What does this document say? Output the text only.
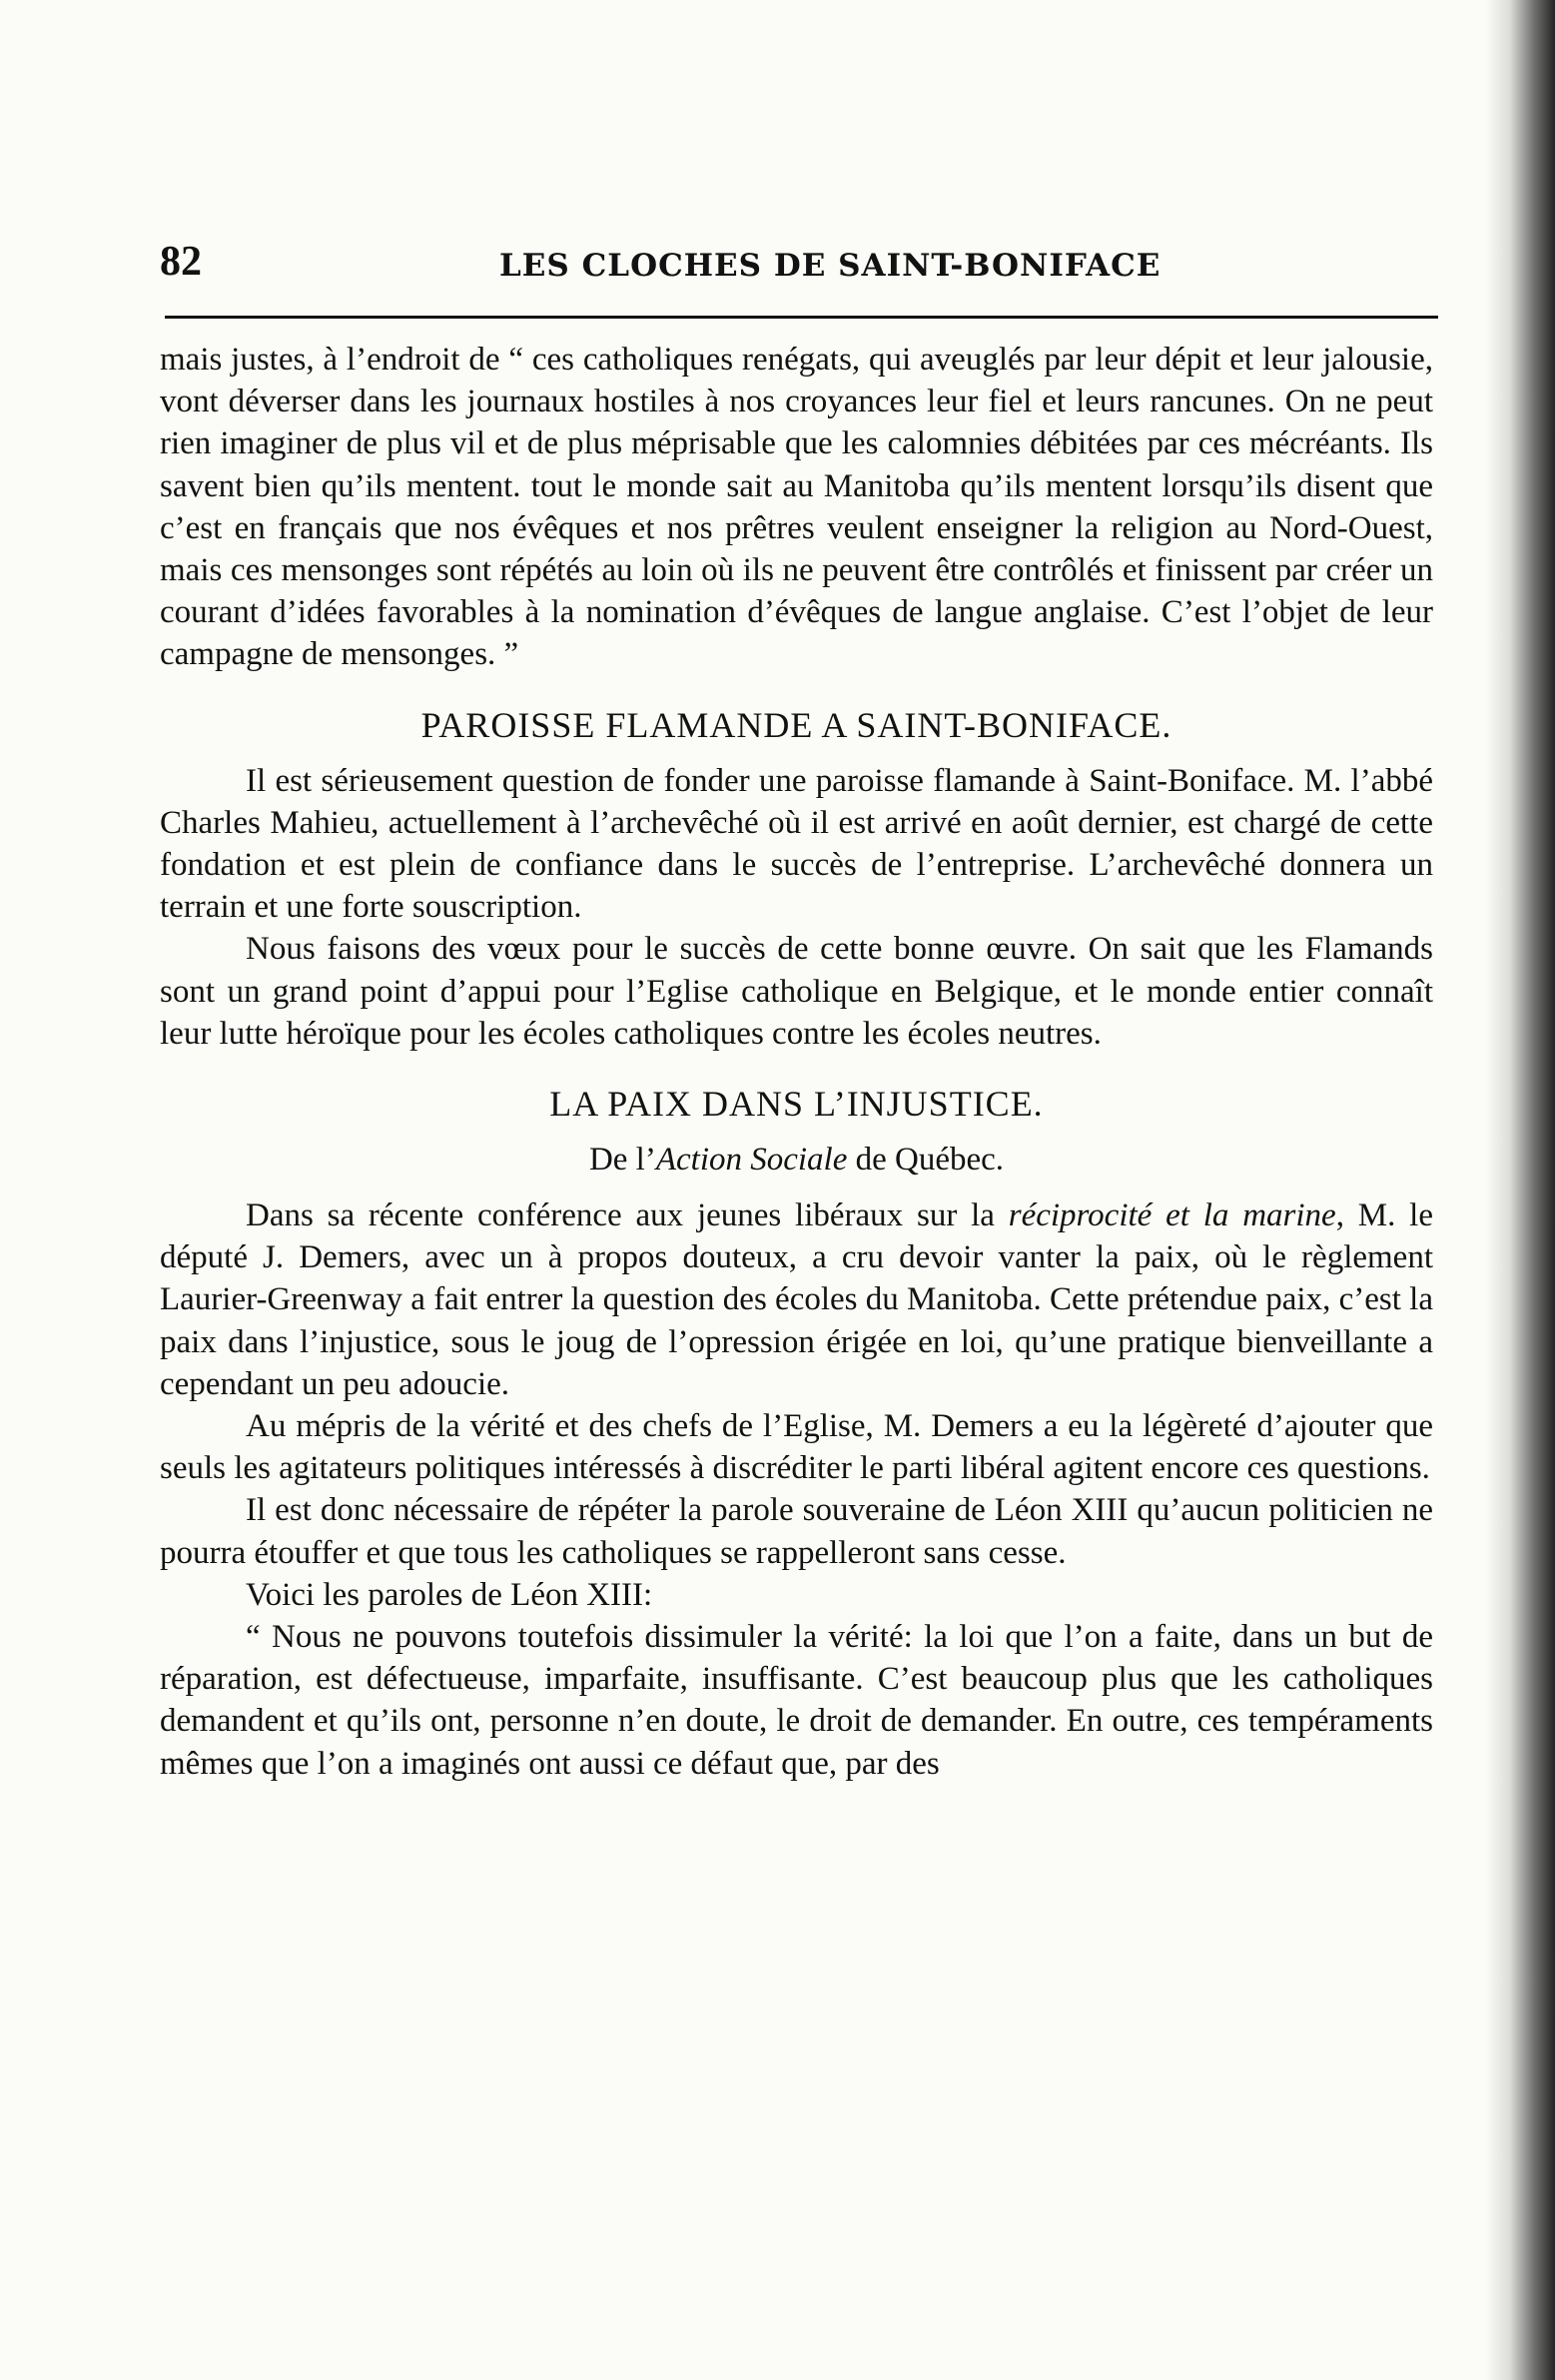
82	LES CLOCHES DE SAINT-BONIFACE

mais justes, à l’endroit de “ ces catholiques renégats, qui aveuglés par leur dépit et leur jalousie, vont déverser dans les journaux hostiles à nos croyances leur fiel et leurs rancunes. On ne peut rien imaginer de plus vil et de plus méprisable que les calomnies débitées par ces mécréants. Ils savent bien qu’ils mentent. tout le monde sait au Manitoba qu’ils mentent lorsqu’ils disent que c’est en français que nos évêques et nos prêtres veulent enseigner la religion au Nord-Ouest, mais ces mensonges sont répétés au loin où ils ne peuvent être contrôlés et finissent par créer un courant d’idées favorables à la nomination d’évêques de langue anglaise. C’est l’objet de leur campagne de mensonges. ”

PAROISSE FLAMANDE A SAINT-BONIFACE.

Il est sérieusement question de fonder une paroisse flamande à Saint-Boniface. M. l’abbé Charles Mahieu, actuellement à l’archevêché où il est arrivé en août dernier, est chargé de cette fondation et est plein de confiance dans le succès de l’entreprise. L’archevêché donnera un terrain et une forte souscription.

Nous faisons des vœux pour le succès de cette bonne œuvre. On sait que les Flamands sont un grand point d’appui pour l’Eglise catholique en Belgique, et le monde entier connaît leur lutte héroïque pour les écoles catholiques contre les écoles neutres.

LA PAIX DANS L’INJUSTICE.
De l’Action Sociale de Québec.

Dans sa récente conférence aux jeunes libéraux sur la réciprocité et la marine, M. le député J. Demers, avec un à propos douteux, a cru devoir vanter la paix, où le règlement Laurier-Greenway a fait entrer la question des écoles du Manitoba. Cette prétendue paix, c’est la paix dans l’injustice, sous le joug de l’opression érigée en loi, qu’une pratique bienveillante a cependant un peu adoucie.

Au mépris de la vérité et des chefs de l’Eglise, M. Demers a eu la légèreté d’ajouter que seuls les agitateurs politiques intéressés à discréditer le parti libéral agitent encore ces questions.

Il est donc nécessaire de répéter la parole souveraine de Léon XIII qu’aucun politicien ne pourra étouffer et que tous les catholiques se rappelleront sans cesse.

Voici les paroles de Léon XIII:

“ Nous ne pouvons toutefois dissimuler la vérité: la loi que l’on a faite, dans un but de réparation, est défectueuse, imparfaite, insuffisante. C’est beaucoup plus que les catholiques demandent et qu’ils ont, personne n’en doute, le droit de demander. En outre, ces tempéraments mêmes que l’on a imaginés ont aussi ce défaut que, par des
